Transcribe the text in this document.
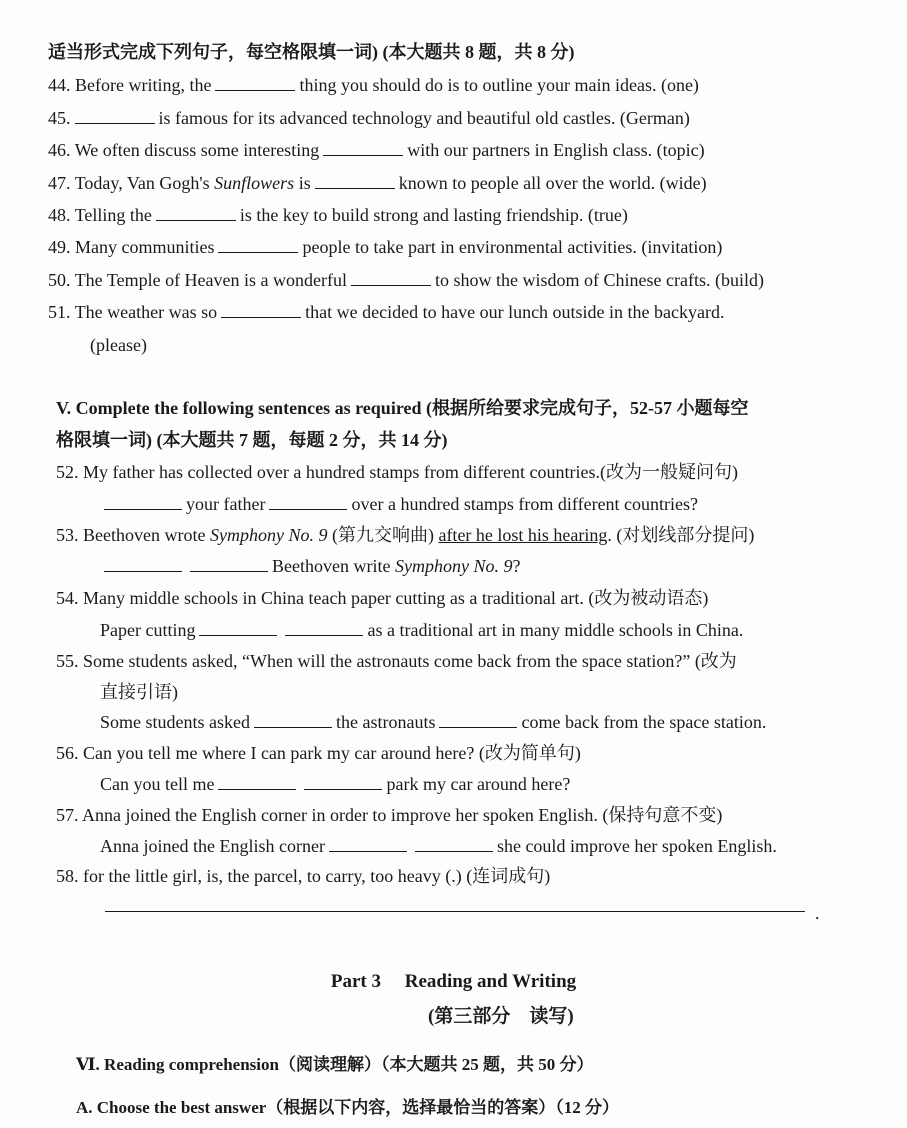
适当形式完成下列句子，每空格限填一词) (本大题共 8 题，共 8 分)
44. Before writing, the	thing you should do is to outline your main ideas. (one)
45.	is famous for its advanced technology and beautiful old castles. (German)
46. We often discuss some interesting	with our partners in English class. (topic)
47. Today, Van Gogh's Sunflowers is	known to people all over the world. (wide)
48. Telling the	is the key to build strong and lasting friendship. (true)
49. Many communities	people to take part in environmental activities. (invitation)
50. The Temple of Heaven is a wonderful	to show the wisdom of Chinese crafts. (build)
51. The weather was so	that we decided to have our lunch outside in the backyard.
(please)
V. Complete the following sentences as required (根据所给要求完成句子，52-57 小题每空
格限填一词) (本大题共 7 题，每题 2 分，共 14 分)
52. My father has collected over a hundred stamps from different countries.(改为一般疑问句)
your father	over a hundred stamps from different countries?
53. Beethoven wrote Symphony No. 9 (第九交响曲) after he lost his hearing. (对划线部分提问)
Beethoven write Symphony No. 9?
54. Many middle schools in China teach paper cutting as a traditional art. (改为被动语态)
Paper cutting	as a traditional art in many middle schools in China.
55. Some students asked, “When will the astronauts come back from the space station?” (改为
直接引语)
Some students asked	the astronauts	come back from the space station.
56. Can you tell me where I can park my car around here? (改为简单句)
Can you tell me	park my car around here?
57. Anna joined the English corner in order to improve her spoken English. (保持句意不变)
Anna joined the English corner	she could improve her spoken English.
58. for the little girl, is, the parcel, to carry, too heavy (.) (连词成句)
.
Part 3 Reading and Writing
(第三部分　读写)
Ⅵ. Reading comprehension（阅读理解）（本大题共 25 题，共 50 分）
A. Choose the best answer（根据以下内容，选择最恰当的答案）（12 分）
